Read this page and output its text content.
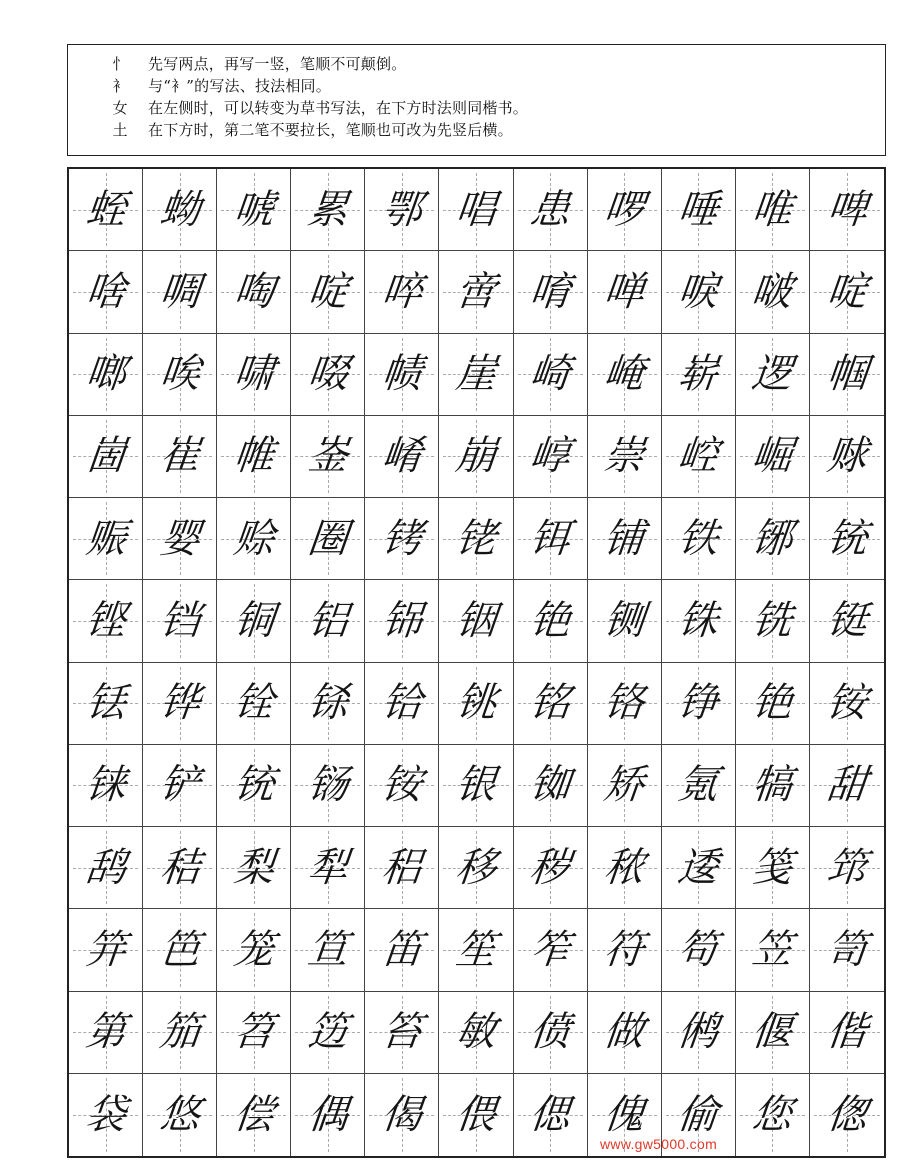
忄	先写两点，再写一竖，笔顺不可颠倒。
衤	与“衤”的写法、技法相同。
女	在左侧时，可以转变为草书写法，在下方时法则同楷书。
土	在下方时，第二笔不要拉长，笔顺也可改为先竖后横。
蛭 蚴 唬 累 鄂 唱 患 啰 唾 唯 啤
啥 啁 啕 啶 啐 啻 唷 啴 唳 啵 啶
啷 唉 啸 啜 帻 崖 崎 崦 崭 逻 帼
崮 崔 帷 崟 崤 崩 崞 崇 崆 崛 赇
赈 婴 赊 圈 铐 铑 铒 铺 铁 铘 铳
铿 铛 铜 铝 铞 铟 铯 铡 铢 铣 铤
铥 铧 铨 铩 铪 铫 铭 铬 铮 铯 铵
铼 铲 铳 铴 铵 银 铷 矫 氪 犒 甜
鸹 秸 梨 犁 稆 移 秽 秾 逶 笺 筇
笄 笆 笼 笪 笛 笙 笮 符 笱 笠 笥
第 笳 笤 笾 笞 敏 偾 做 鸺 偃 偕
袋 悠 偿 偶 偈 偎 偲 傀 偷 您 偬
www.gw5000.com
